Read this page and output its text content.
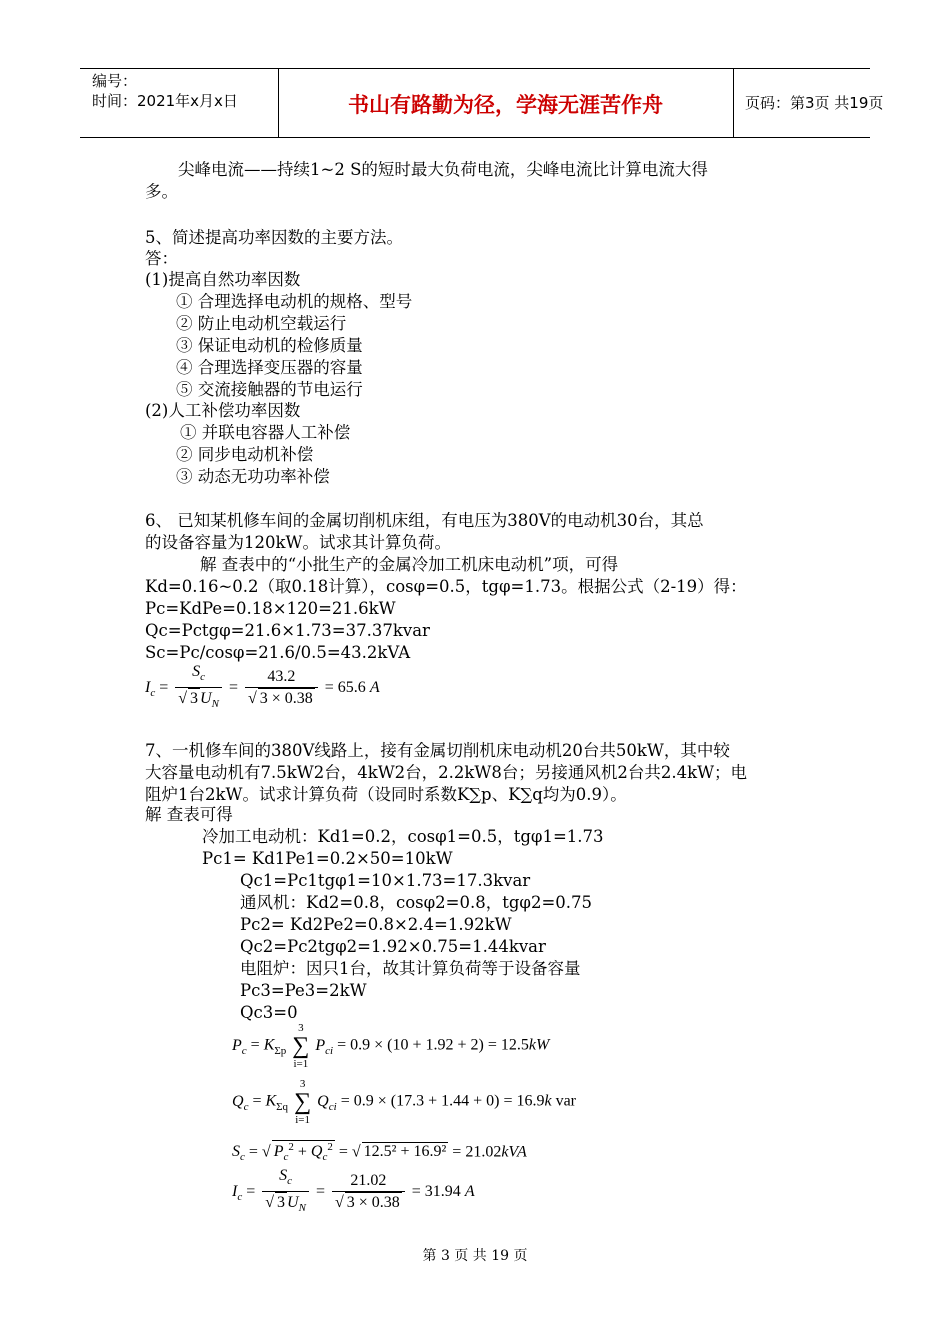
编号：
时间：2021年x月x日	书山有路勤为径，学海无涯苦作舟	页码：第3页 共19页
尖峰电流——持续1~2 S的短时最大负荷电流，尖峰电流比计算电流大得
多。
5、简述提高功率因数的主要方法。
答：
(1)提高自然功率因数
① 合理选择电动机的规格、型号
② 防止电动机空载运行
③ 保证电动机的检修质量
④ 合理选择变压器的容量
⑤ 交流接触器的节电运行
(2)人工补偿功率因数
① 并联电容器人工补偿
② 同步电动机补偿
③ 动态无功功率补偿
6、 已知某机修车间的金属切削机床组，有电压为380V的电动机30台，其总
的设备容量为120kW。试求其计算负荷。
解 查表中的“小批生产的金属冷加工机床电动机”项，可得
Kd=0.16~0.2（取0.18计算），cosφ=0.5，tgφ=1.73。根据公式（2-19）得：
Pc=KdPe=0.18×120=21.6kW
Qc=Pctgφ=21.6×1.73=37.37kvar
Sc=Pc/cosφ=21.6/0.5=43.2kVA
$I_c = \frac{S_c}{√ 3 U_N} = \frac{43.2}{√ 3 \times 0.38} = 65.6$ A
7、一机修车间的380V线路上，接有金属切削机床电动机20台共50kW，其中较
大容量电动机有7.5kW2台，4kW2台，2.2kW8台；另接通风机2台共2.4kW；电
阻炉1台2kW。试求计算负荷（设同时系数K∑p、K∑q均为0.9）。
解 查表可得
冷加工电动机：Kd1=0.2，cosφ1=0.5，tgφ1=1.73
Pc1= Kd1Pe1=0.2×50=10kW
Qc1=Pc1tgφ1=10×1.73=17.3kvar
通风机：Kd2=0.8，cosφ2=0.8，tgφ2=0.75
Pc2= Kd2Pe2=0.8×2.4=1.92kW
Qc2=Pc2tgφ2=1.92×0.75=1.44kvar
电阻炉：因只1台，故其计算负荷等于设备容量
Pc3=Pe3=2kW
Qc3=0
$P_c = K_{\Sigma p}$
3
∑
i=1
$P_{ci} = 0.9 \times (10 + 1.92 + 2) = 12.5kW$
$Q_c = K_{\Sigma q}$
3
∑
i=1
$Q_{ci} = 0.9 \times (17.3 + 1.44 + 0) = 16.9k$ var
$S_c$ = √ $P_c^2 + Q_c^2$ = √ 12.5² + 16.9² = 21.02kVA
$I_c = \frac{S_c}{√ 3 U_N} = \frac{21.02}{√ 3 \times 0.38} = 31.94$ A
第 3 页 共 19 页
